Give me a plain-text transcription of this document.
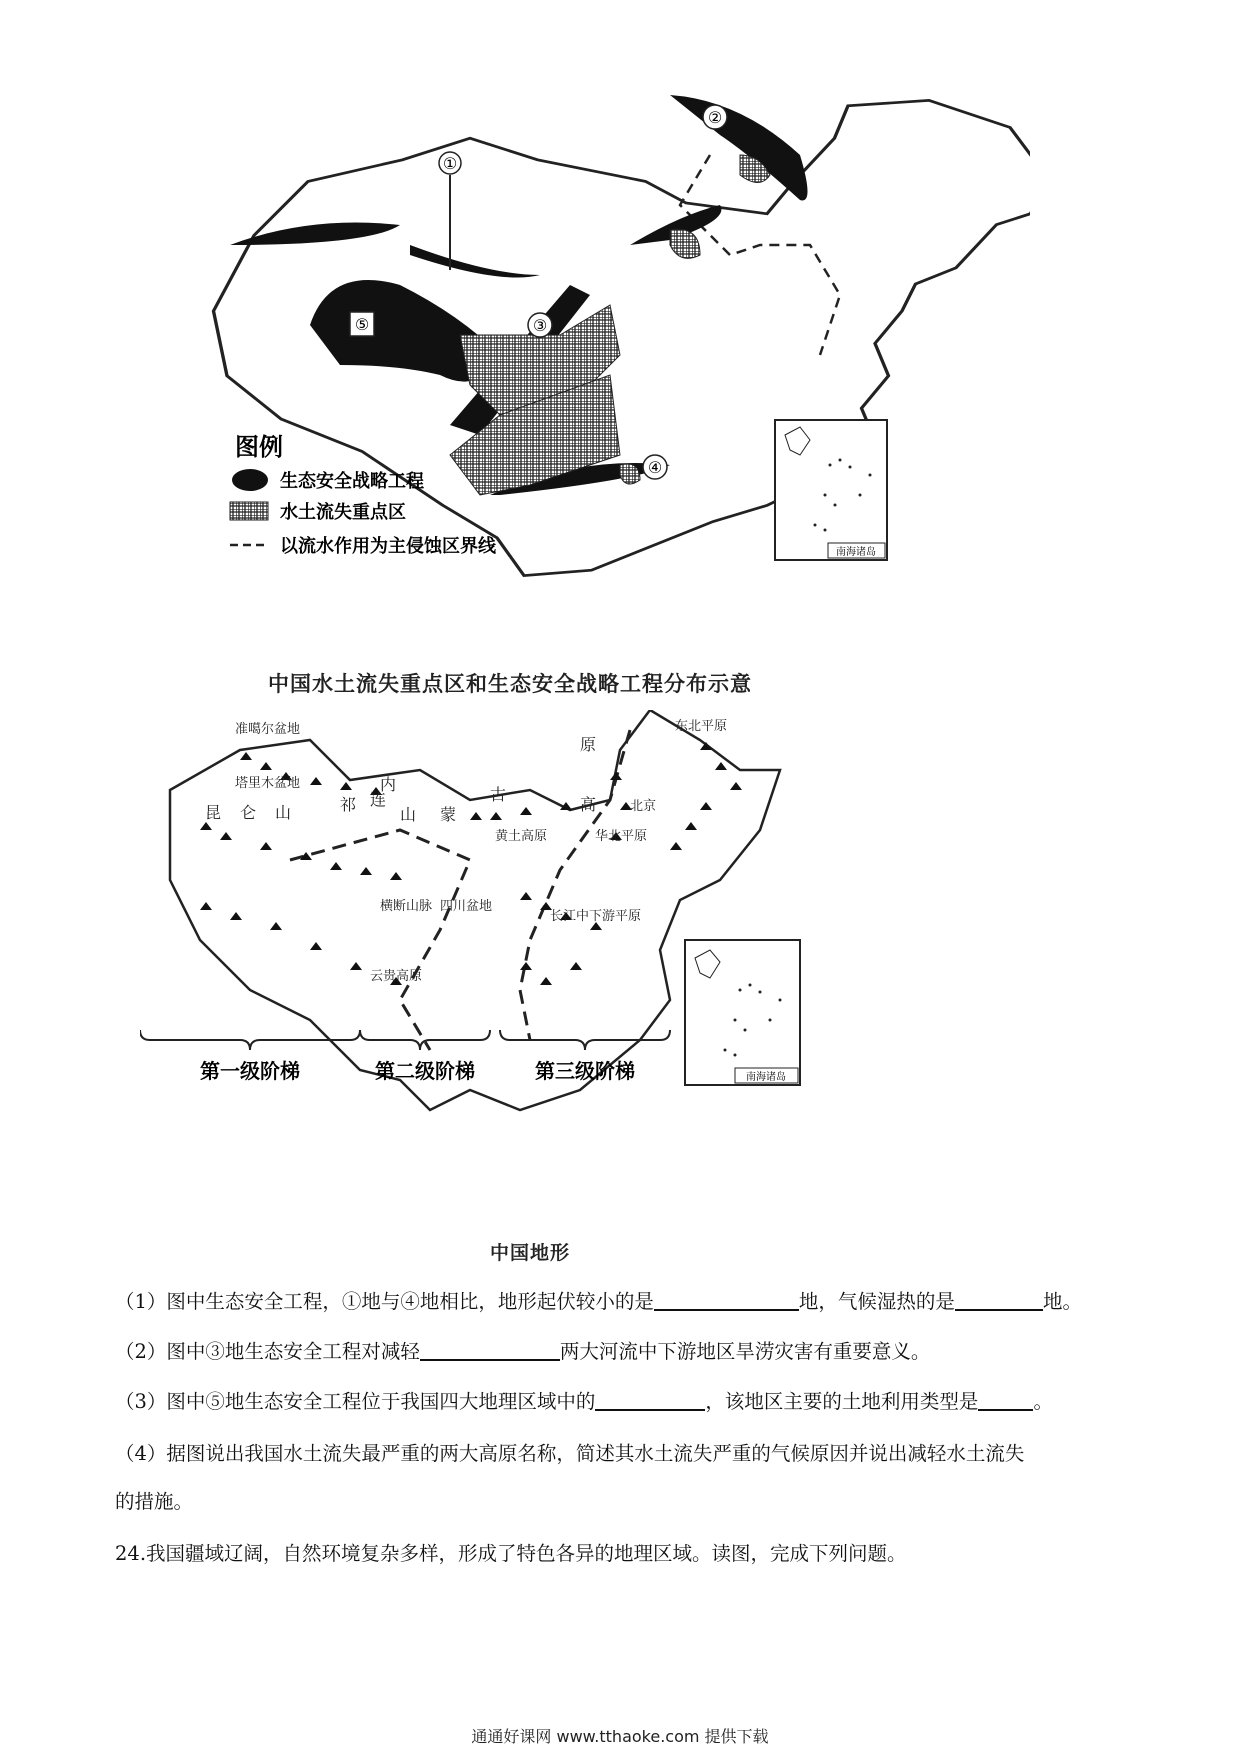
①
②
③
④
⑤
图例
生态安全战略工程
水土流失重点区
以流水作用为主侵蚀区界线	南海诸岛
中国水土流失重点区和生态安全战略工程分布示意
准噶尔盆地
塔里木盆地
昆 仑 山	祁 连
山
内
蒙
古
原
高
东北平原
北京
华北平原
黄土高原
四川盆地
长江中下游平原
云贵高原
横断山脉
南海诸岛
第一级阶梯	第二级阶梯	第三级阶梯
中国地形
（1）图中生态安全工程，①地与④地相比，地形起伏较小的是	地，气候湿热的是	地。
（2）图中③地生态安全工程对减轻	两大河流中下游地区旱涝灾害有重要意义。
（3）图中⑤地生态安全工程位于我国四大地理区域中的	，该地区主要的土地利用类型是	。
（4）据图说出我国水土流失最严重的两大高原名称，简述其水土流失严重的气候原因并说出减轻水土流失
的措施。
24.我国疆域辽阔，自然环境复杂多样，形成了特色各异的地理区域。读图，完成下列问题。
通通好课网 www.tthaoke.com 提供下载
